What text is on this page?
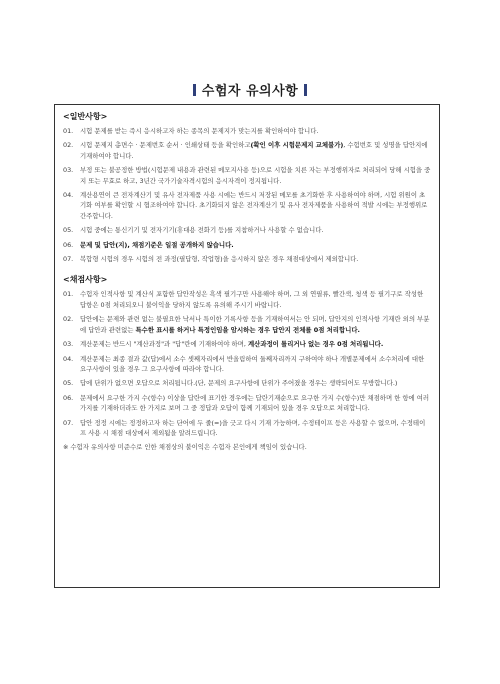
수험자 유의사항
<일반사항>
01. 시험 문제를 받는 즉시 응시하고자 하는 종목의 문제지가 맞는지를 확인하여야 합니다.
02. 시험 문제지 총면수 · 문제번호 순서 · 인쇄상태 등을 확인하고(확인 이후 시험문제지 교체불가), 수험번호 및 성명을 답안지에 기재하여야 합니다.
03. 부정 또는 불공정한 방법(시험문제 내용과 관련된 메모지사용 등)으로 시험을 치른 자는 부정행위자로 처리되어 당해 시험을 중지 또는 무효로 하고, 3년간 국가기술자격시험의 응시자격이 정지됩니다.
04. 계산용연이 큰 전자계산기 및 유사 전자제품 사용 시에는 반드시 저장된 메모를 초기화한 후 사용하여야 하며, 시험 위원이 초기화 여부를 확인할 시 협조하여야 합니다. 초기화되지 않은 전자계산기 및 유사 전자제품을 사용하여 적발 시에는 부정행위로 간주합니다.
05. 시험 중에는 통신기기 및 전자기기(휴대용 전화기 등)를 지참하거나 사용할 수 없습니다.
06. 문제 및 답안(지), 채점기준은 일절 공개하지 않습니다.
07. 복합형 시험의 경우 시험의 전 과정(필답형, 작업형)을 응시하지 않은 경우 채점대상에서 제외합니다.
<채점사항>
01. 수험자 인적사항 및 계산식 포함한 답안작성은 흑색 필기구만 사용해야 하며, 그 외 연필류, 빨간색, 청색 등 필기구로 작성한 답항은 0점 처리되오니 불이익을 당하지 않도록 유의해 주시기 바랍니다.
02. 답안에는 문제와 관련 없는 불필요한 낙서나 특이한 기록사항 등을 기재하여서는 안 되며, 답안지의 인적사항 기재란 외의 부분에 답안과 관련없는 특수한 표시를 하거나 특정인임을 암시하는 경우 답안지 전체를 0점 처리합니다.
03. 계산문제는 반드시 "계산과정"과 "답"란에 기재하여야 하며, 계산과정이 틀리거나 없는 경우 0점 처리됩니다.
04. 계산문제는 최종 결과 값(답)에서 소수 셋째자리에서 반올림하여 둘째자리까지 구하여야 하나 개별문제에서 소수처리에 대한 요구사항이 있을 경우 그 요구사항에 따라야 합니다.
05. 답에 단위가 없으면 오답으로 처리됩니다.(단, 문제의 요구사항에 단위가 주어졌을 경우는 생략되어도 무방합니다.)
06. 문제에서 요구한 가지 수(항수) 이상을 답란에 표기한 경우에는 답란기재순으로 요구한 가지 수(항수)만 채점하며 한 항에 여러 가지를 기재하더라도 한 가지로 보며 그 중 정답과 오답이 함께 기재되어 있을 경우 오답으로 처리합니다.
07. 답안 정정 시에는 정정하고자 하는 단어에 두 줄(=)을 긋고 다시 기재 가능하며, 수정테이프 등은 사용할 수 없으며, 수정테이프 사용 시 채점 대상에서 제외됨을 알려드립니다.
※ 수험자 유의사항 미준수로 인한 채점상의 불이익은 수험자 본인에게 책임이 있습니다.
